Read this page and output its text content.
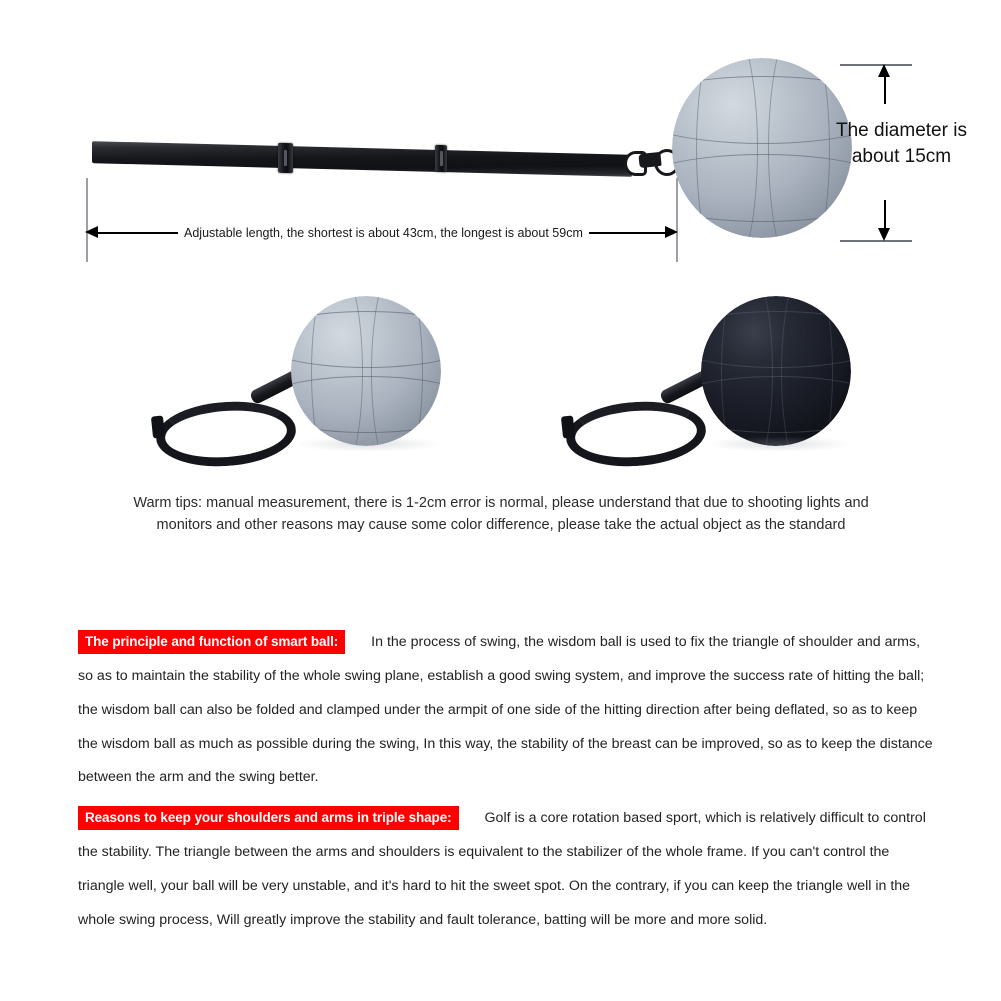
Adjustable length, the shortest is about 43cm, the longest is about 59cm
The diameter is
about 15cm
Warm tips: manual measurement, there is 1-2cm error is normal, please understand that due to shooting lights and
monitors and other reasons may cause some color difference, please take the actual object as the standard

The principle and function of smart ball: In the process of swing, the wisdom ball is used to fix the triangle of shoulder and arms, so as to maintain the stability of the whole swing plane, establish a good swing system, and improve the success rate of hitting the ball; the wisdom ball can also be folded and clamped under the armpit of one side of the hitting direction after being deflated, so as to keep the wisdom ball as much as possible during the swing, In this way, the stability of the breast can be improved, so as to keep the distance between the arm and the swing better.

Reasons to keep your shoulders and arms in triple shape: Golf is a core rotation based sport, which is relatively difficult to control the stability. The triangle between the arms and shoulders is equivalent to the stabilizer of the whole frame. If you can't control the triangle well, your ball will be very unstable, and it's hard to hit the sweet spot. On the contrary, if you can keep the triangle well in the whole swing process, Will greatly improve the stability and fault tolerance, batting will be more and more solid.
